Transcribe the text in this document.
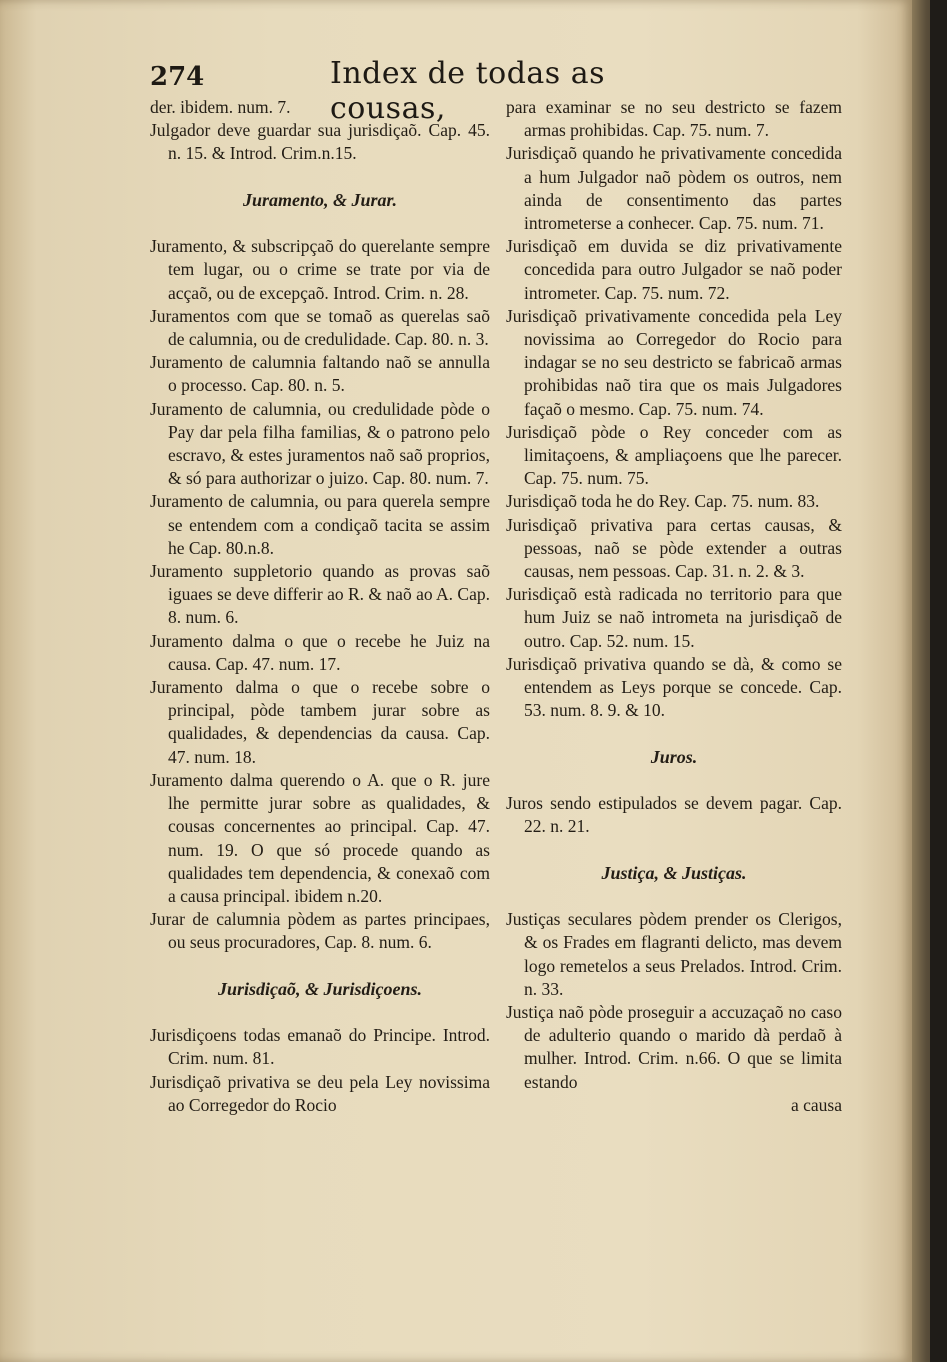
274	Index de todas as cousas,
der. ibidem. num. 7.
Julgador deve guardar sua jurisdiçaõ. Cap. 45. n. 15. & Introd. Crim.n.15.

Juramento, & Jurar.

Juramento, & subscripçaõ do querelante sempre tem lugar, ou o crime se trate por via de acçaõ, ou de excepçaõ. Introd. Crim. n. 28.
Juramentos com que se tomaõ as querelas saõ de calumnia, ou de credulidade. Cap. 80. n. 3.
Juramento de calumnia faltando naõ se annulla o processo. Cap. 80. n. 5.
Juramento de calumnia, ou credulidade pòde o Pay dar pela filha familias, & o patrono pelo escravo, & estes juramentos naõ saõ proprios, & só para authorizar o juizo. Cap. 80. num. 7.
Juramento de calumnia, ou para querela sempre se entendem com a condiçaõ tacita se assim he Cap. 80.n.8.
Juramento suppletorio quando as provas saõ iguaes se deve differir ao R. & naõ ao A. Cap. 8. num. 6.
Juramento dalma o que o recebe he Juiz na causa. Cap. 47. num. 17.
Juramento dalma o que o recebe sobre o principal, pòde tambem jurar sobre as qualidades, & dependencias da causa. Cap. 47. num. 18.
Juramento dalma querendo o A. que o R. jure lhe permitte jurar sobre as qualidades, & cousas concernentes ao principal. Cap. 47. num. 19. O que só procede quando as qualidades tem dependencia, & conexaõ com a causa principal. ibidem n.20.
Jurar de calumnia pòdem as partes principaes, ou seus procuradores, Cap. 8. num. 6.

Jurisdiçaõ, & Jurisdiçoens.

Jurisdiçoens todas emanaõ do Principe. Introd. Crim. num. 81.
Jurisdiçaõ privativa se deu pela Ley novissima ao Corregedor do Rocio
para examinar se no seu destricto se fazem armas prohibidas. Cap. 75. num. 7.
Jurisdiçaõ quando he privativamente concedida a hum Julgador naõ pòdem os outros, nem ainda de consentimento das partes intrometerse a conhecer. Cap. 75. num. 71.
Jurisdiçaõ em duvida se diz privativamente concedida para outro Julgador se naõ poder intrometer. Cap. 75. num. 72.
Jurisdiçaõ privativamente concedida pela Ley novissima ao Corregedor do Rocio para indagar se no seu destricto se fabricaõ armas prohibidas naõ tira que os mais Julgadores façaõ o mesmo. Cap. 75. num. 74.
Jurisdiçaõ pòde o Rey conceder com as limitaçoens, & ampliaçoens que lhe parecer. Cap. 75. num. 75.
Jurisdiçaõ toda he do Rey. Cap. 75. num. 83.
Jurisdiçaõ privativa para certas causas, & pessoas, naõ se pòde extender a outras causas, nem pessoas. Cap. 31. n. 2. & 3.
Jurisdiçaõ està radicada no territorio para que hum Juiz se naõ intrometa na jurisdiçaõ de outro. Cap. 52. num. 15.
Jurisdiçaõ privativa quando se dà, & como se entendem as Leys porque se concede. Cap. 53. num. 8. 9. & 10.

Juros.

Juros sendo estipulados se devem pagar. Cap. 22. n. 21.

Justiça, & Justiças.

Justiças seculares pòdem prender os Clerigos, & os Frades em flagranti delicto, mas devem logo remetelos a seus Prelados. Introd. Crim. n. 33.
Justiça naõ pòde proseguir a accuzaçaõ no caso de adulterio quando o marido dà perdaõ à mulher. Introd. Crim. n.66. O que se limita estando
a causa
